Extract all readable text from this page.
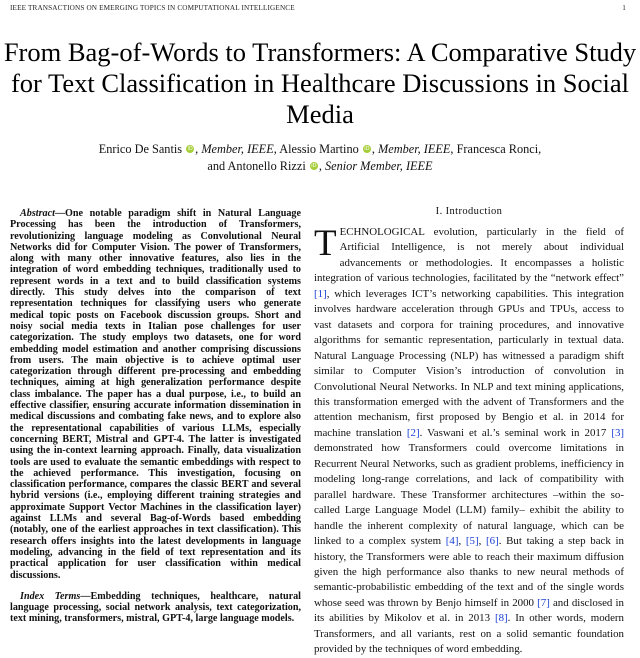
IEEE TRANSACTIONS ON EMERGING TOPICS IN COMPUTATIONAL INTELLIGENCE	1
From Bag-of-Words to Transformers: A Comparative Study for Text Classification in Healthcare Discussions in Social Media
Enrico De Santis iD , Member, IEEE, Alessio Martino iD , Member, IEEE, Francesca Ronci,
and Antonello Rizzi iD , Senior Member, IEEE
Abstract—One notable paradigm shift in Natural Language Processing has been the introduction of Transformers, revolutionizing language modeling as Convolutional Neural Networks did for Computer Vision. The power of Transformers, along with many other innovative features, also lies in the integration of word embedding techniques, traditionally used to represent words in a text and to build classification systems directly. This study delves into the comparison of text representation techniques for classifying users who generate medical topic posts on Facebook discussion groups. Short and noisy social media texts in Italian pose challenges for user categorization. The study employs two datasets, one for word embedding model estimation and another comprising discussions from users. The main objective is to achieve optimal user categorization through different pre-processing and embedding techniques, aiming at high generalization performance despite class imbalance. The paper has a dual purpose, i.e., to build an effective classifier, ensuring accurate information dissemination in medical discussions and combating fake news, and to explore also the representational capabilities of various LLMs, especially concerning BERT, Mistral and GPT-4. The latter is investigated using the in-context learning approach. Finally, data visualization tools are used to evaluate the semantic embeddings with respect to the achieved performance. This investigation, focusing on classification performance, compares the classic BERT and several hybrid versions (i.e., employing different training strategies and approximate Support Vector Machines in the classification layer) against LLMs and several Bag-of-Words based embedding (notably, one of the earliest approaches in text classification). This research offers insights into the latest developments in language modeling, advancing in the field of text representation and its practical application for user classification within medical discussions.
Index Terms—Embedding techniques, healthcare, natural language processing, social network analysis, text categorization, text mining, transformers, mistral, GPT-4, large language models.
I. Introduction
TECHNOLOGICAL evolution, particularly in the field of Artificial Intelligence, is not merely about individual advancements or methodologies. It encompasses a holistic integration of various technologies, facilitated by the “network effect” [1], which leverages ICT’s networking capabilities. This integration involves hardware acceleration through GPUs and TPUs, access to vast datasets and corpora for training procedures, and innovative algorithms for semantic representation, particularly in textual data. Natural Language Processing (NLP) has witnessed a paradigm shift similar to Computer Vision’s introduction of convolution in Convolutional Neural Networks. In NLP and text mining applications, this transformation emerged with the advent of Transformers and the attention mechanism, first proposed by Bengio et al. in 2014 for machine translation [2]. Vaswani et al.’s seminal work in 2017 [3] demonstrated how Transformers could overcome limitations in Recurrent Neural Networks, such as gradient problems, inefficiency in modeling long-range correlations, and lack of compatibility with parallel hardware. These Transformer architectures –within the so-called Large Language Model (LLM) family– exhibit the ability to handle the inherent complexity of natural language, which can be linked to a complex system [4], [5], [6]. But taking a step back in history, the Transformers were able to reach their maximum diffusion given the high performance also thanks to new neural methods of semantic-probabilistic embedding of the text and of the single words whose seed was thrown by Benjo himself in 2000 [7] and disclosed in its abilities by Mikolov et al. in 2013 [8]. In other words, modern Transformers, and all variants, rest on a solid semantic foundation provided by the techniques of word embedding.
